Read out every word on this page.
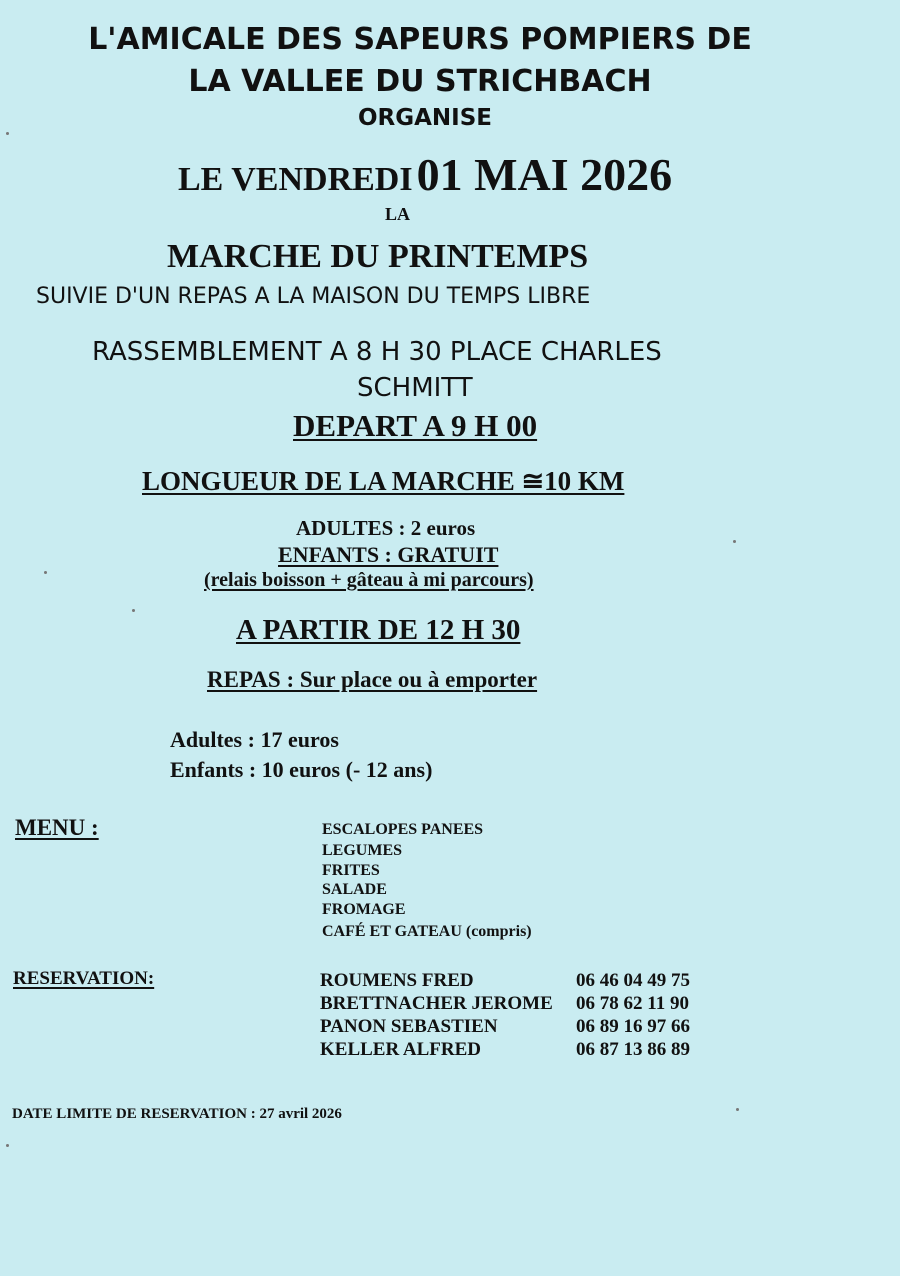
L'AMICALE DES SAPEURS POMPIERS DE
LA VALLEE DU STRICHBACH
ORGANISE
LE VENDREDI 01 MAI 2026
LA
MARCHE DU PRINTEMPS
SUIVIE D'UN REPAS A LA MAISON DU TEMPS LIBRE
RASSEMBLEMENT A 8 H 30 PLACE CHARLES
SCHMITT
DEPART A 9 H 00
LONGUEUR DE LA MARCHE ≅10 KM
ADULTES : 2 euros
ENFANTS : GRATUIT
(relais boisson + gâteau à mi parcours)
A PARTIR DE 12 H 30
REPAS : Sur place ou à emporter
Adultes : 17 euros
Enfants : 10 euros (- 12 ans)
MENU :	ESCALOPES PANEES
LEGUMES
FRITES
SALADE
FROMAGE
CAFÉ ET GATEAU (compris)
RESERVATION:	ROUMENS FRED	06 46 04 49 75
BRETTNACHER JEROME 06 78 62 11 90
PANON SEBASTIEN	06 89 16 97 66
KELLER ALFRED	06 87 13 86 89
DATE LIMITE DE RESERVATION : 27 avril 2026
